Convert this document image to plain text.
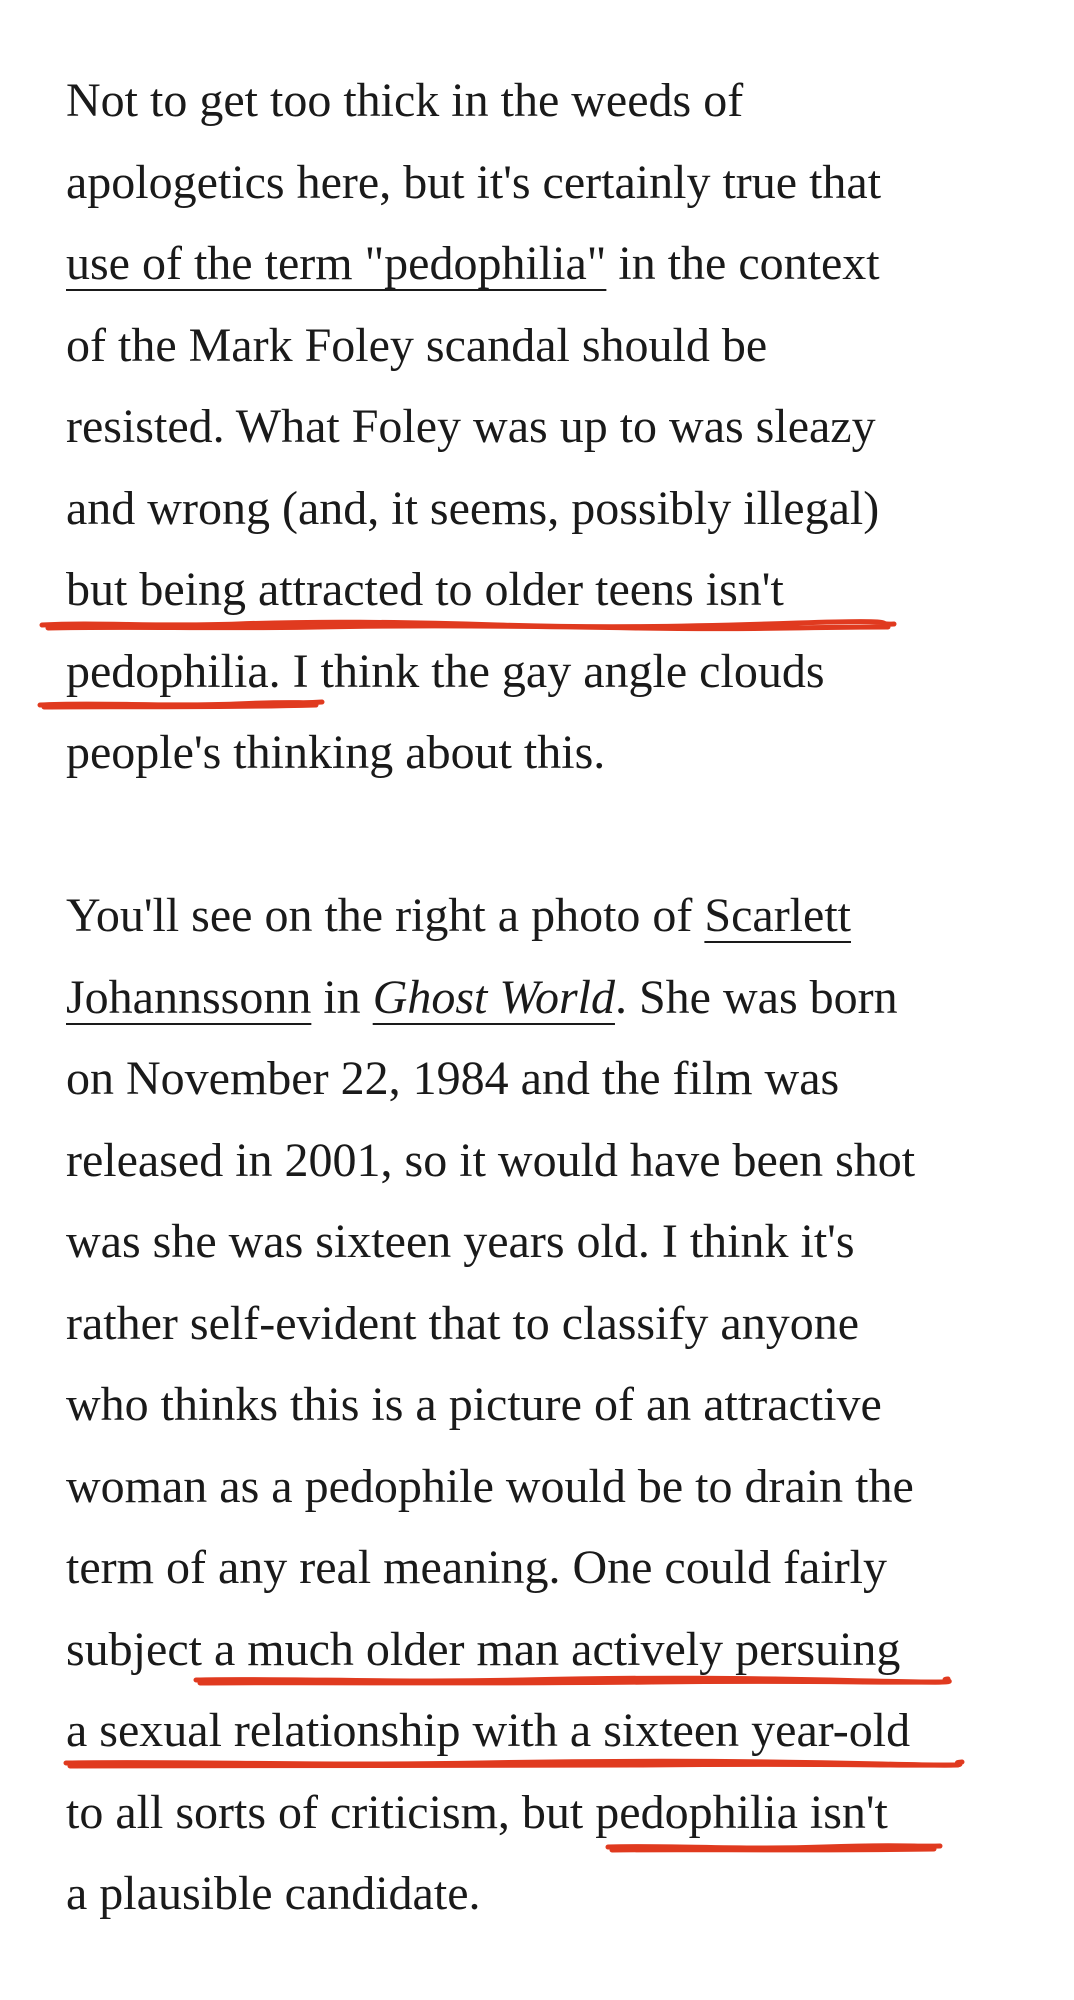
Not to get too thick in the weeds of
apologetics here, but it's certainly true that
use of the term "pedophilia" in the context
of the Mark Foley scandal should be
resisted. What Foley was up to was sleazy
and wrong (and, it seems, possibly illegal)
but being attracted to older teens isn't
pedophilia. I think the gay angle clouds
people's thinking about this.
You'll see on the right a photo of Scarlett
Johannssonn in Ghost World. She was born
on November 22, 1984 and the film was
released in 2001, so it would have been shot
was she was sixteen years old. I think it's
rather self-evident that to classify anyone
who thinks this is a picture of an attractive
woman as a pedophile would be to drain the
term of any real meaning. One could fairly
subject a much older man actively persuing
a sexual relationship with a sixteen year-old
to all sorts of criticism, but pedophilia isn't
a plausible candidate.
